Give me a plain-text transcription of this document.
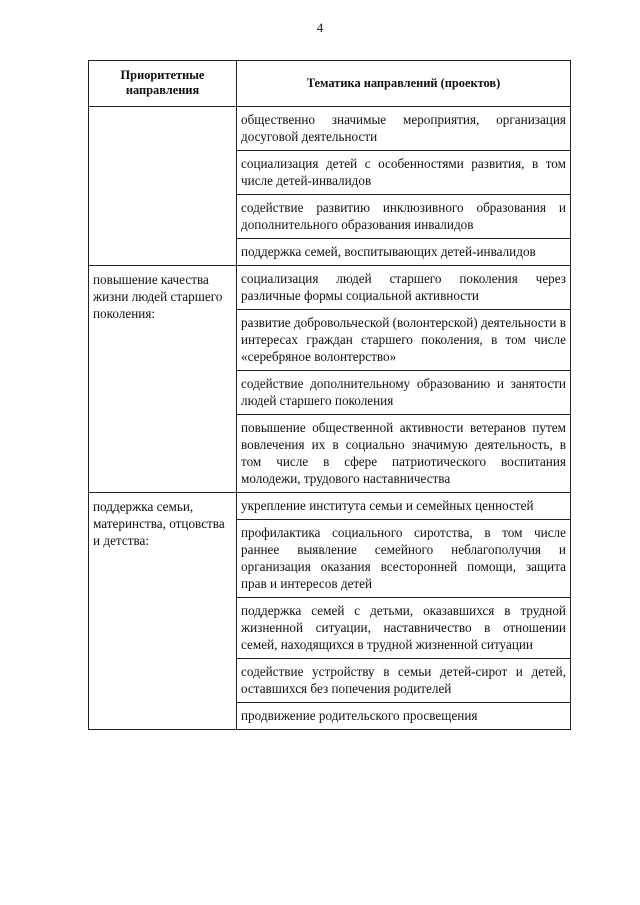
4
Приоритетные направления	Тематика направлений (проектов)
	общественно значимые мероприятия, организация досуговой деятельности
	социализация детей с особенностями развития, в том числе детей-инвалидов
	содействие развитию инклюзивного образования и дополнительного образования инвалидов
	поддержка семей, воспитывающих детей-инвалидов
повышение качества жизни людей старшего поколения:	социализация людей старшего поколения через различные формы социальной активности
	развитие добровольческой (волонтерской) деятельности в интересах граждан старшего поколения, в том числе «серебряное волонтерство»
	содействие дополнительному образованию и занятости людей старшего поколения
	повышение общественной активности ветеранов путем вовлечения их в социально значимую деятельность, в том числе в сфере патриотического воспитания молодежи, трудового наставничества
поддержка семьи, материнства, отцовства и детства:	укрепление института семьи и семейных ценностей
	профилактика социального сиротства, в том числе раннее выявление семейного неблагополучия и организация оказания всесторонней помощи, защита прав и интересов детей
	поддержка семей с детьми, оказавшихся в трудной жизненной ситуации, наставничество в отношении семей, находящихся в трудной жизненной ситуации
	содействие устройству в семьи детей-сирот и детей, оставшихся без попечения родителей
	продвижение родительского просвещения
